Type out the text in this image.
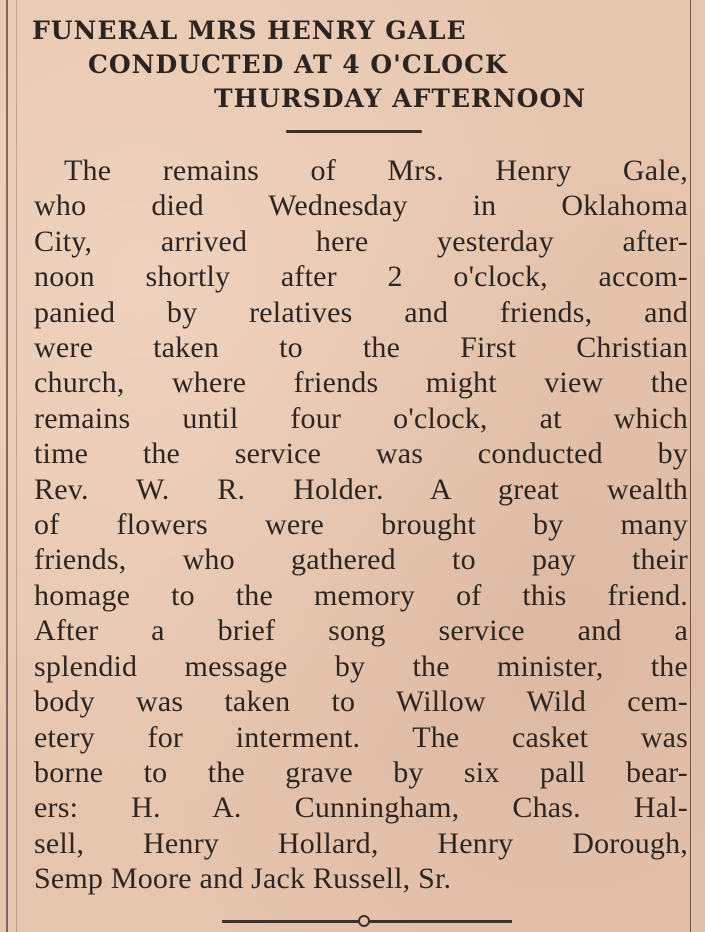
FUNERAL MRS HENRY GALE
CONDUCTED AT 4 O'CLOCK
THURSDAY AFTERNOON
The remains of Mrs. Henry Gale,
who died Wednesday in Oklahoma
City, arrived here yesterday after-
noon shortly after 2 o'clock, accom-
panied by relatives and friends, and
were taken to the First Christian
church, where friends might view the
remains until four o'clock, at which
time the service was conducted by
Rev. W. R. Holder. A great wealth
of flowers were brought by many
friends, who gathered to pay their
homage to the memory of this friend.
After a brief song service and a
splendid message by the minister, the
body was taken to Willow Wild cem-
etery for interment. The casket was
borne to the grave by six pall bear-
ers: H. A. Cunningham, Chas. Hal-
sell, Henry Hollard, Henry Dorough,
Semp Moore and Jack Russell, Sr.
